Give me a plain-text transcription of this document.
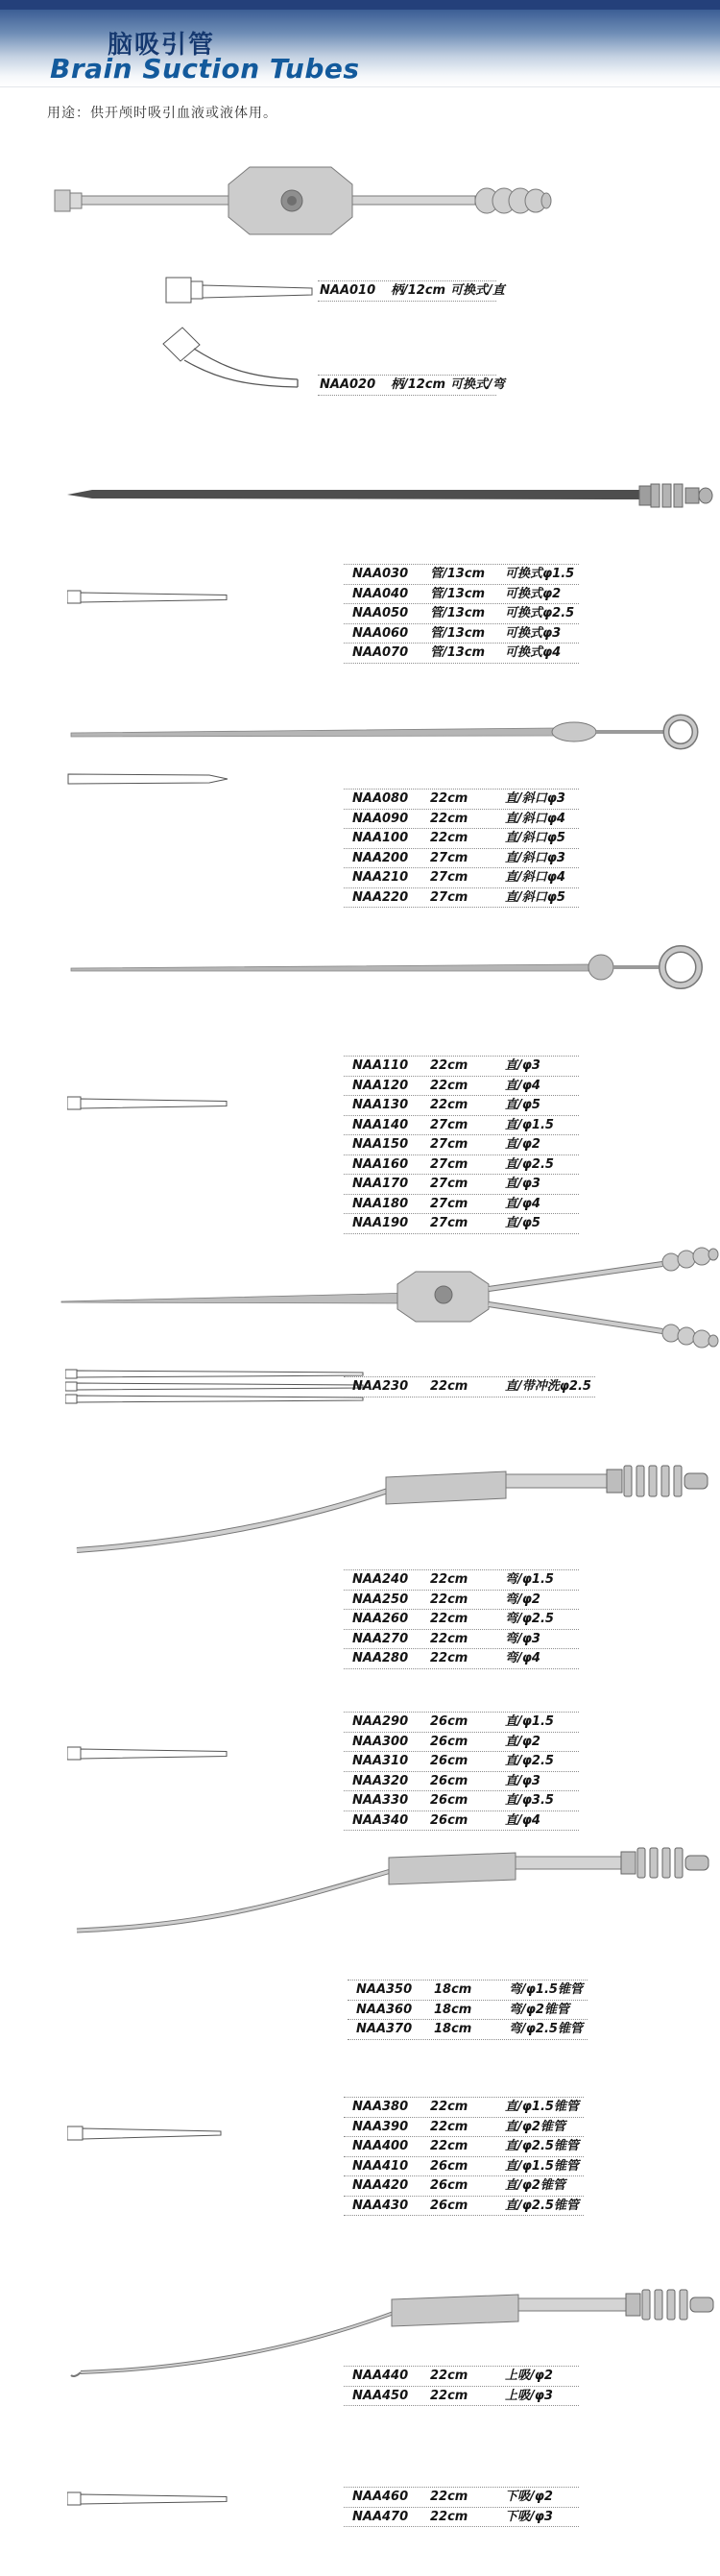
脑吸引管
Brain Suction Tubes
用途：供开颅时吸引血液或液体用。
NAA010	柄/12cm 可换式/直
NAA020	柄/12cm 可换式/弯
NAA030	管/13cm	可换式φ1.5
NAA040	管/13cm	可换式φ2
NAA050	管/13cm	可换式φ2.5
NAA060	管/13cm	可换式φ3
NAA070	管/13cm	可换式φ4
NAA080	22cm	直/斜口φ3
NAA090	22cm	直/斜口φ4
NAA100	22cm	直/斜口φ5
NAA200	27cm	直/斜口φ3
NAA210	27cm	直/斜口φ4
NAA220	27cm	直/斜口φ5
NAA110	22cm	直/φ3
NAA120	22cm	直/φ4
NAA130	22cm	直/φ5
NAA140	27cm	直/φ1.5
NAA150	27cm	直/φ2
NAA160	27cm	直/φ2.5
NAA170	27cm	直/φ3
NAA180	27cm	直/φ4
NAA190	27cm	直/φ5
NAA230	22cm	直/带冲洗φ2.5
NAA240	22cm	弯/φ1.5
NAA250	22cm	弯/φ2
NAA260	22cm	弯/φ2.5
NAA270	22cm	弯/φ3
NAA280	22cm	弯/φ4
NAA290	26cm	直/φ1.5
NAA300	26cm	直/φ2
NAA310	26cm	直/φ2.5
NAA320	26cm	直/φ3
NAA330	26cm	直/φ3.5
NAA340	26cm	直/φ4
NAA350	18cm	弯/φ1.5锥管
NAA360	18cm	弯/φ2锥管
NAA370	18cm	弯/φ2.5锥管
NAA380	22cm	直/φ1.5锥管
NAA390	22cm	直/φ2锥管
NAA400	22cm	直/φ2.5锥管
NAA410	26cm	直/φ1.5锥管
NAA420	26cm	直/φ2锥管
NAA430	26cm	直/φ2.5锥管
NAA440	22cm	上吸/φ2
NAA450	22cm	上吸/φ3
NAA460	22cm	下吸/φ2
NAA470	22cm	下吸/φ3
